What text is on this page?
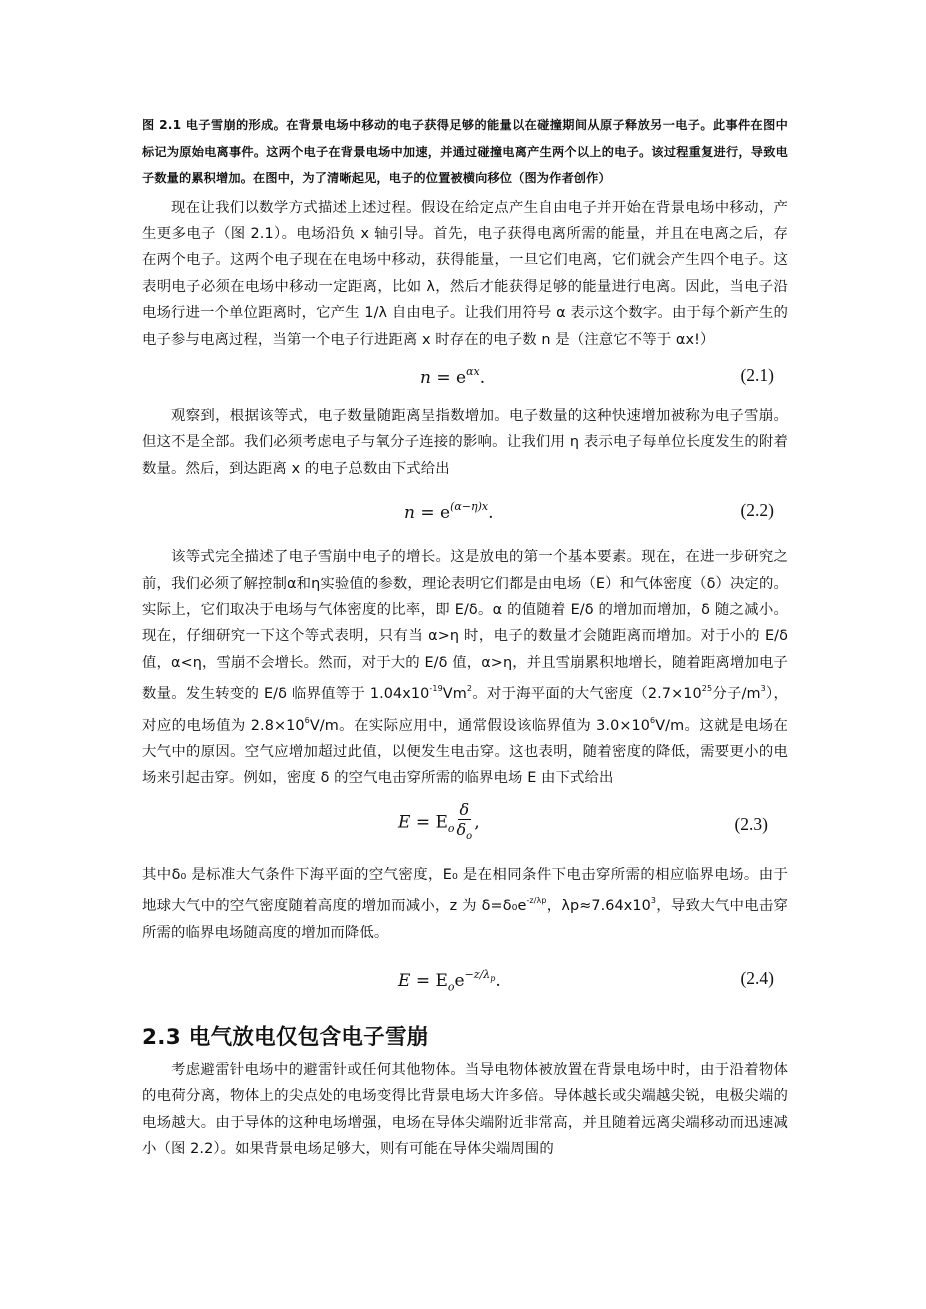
图 2.1 电子雪崩的形成。在背景电场中移动的电子获得足够的能量以在碰撞期间从原子释放另一电子。此事件在图中标记为原始电离事件。这两个电子在背景电场中加速，并通过碰撞电离产生两个以上的电子。该过程重复进行，导致电子数量的累积增加。在图中，为了清晰起见，电子的位置被横向移位（图为作者创作）

现在让我们以数学方式描述上述过程。假设在给定点产生自由电子并开始在背景电场中移动，产生更多电子（图 2.1）。电场沿负 x 轴引导。首先，电子获得电离所需的能量，并且在电离之后，存在两个电子。这两个电子现在在电场中移动，获得能量，一旦它们电离，它们就会产生四个电子。这表明电子必须在电场中移动一定距离，比如 λ，然后才能获得足够的能量进行电离。因此，当电子沿电场行进一个单位距离时，它产生 1/λ 自由电子。让我们用符号 α 表示这个数字。由于每个新产生的电子参与电离过程，当第一个电子行进距离 x 时存在的电子数 n 是（注意它不等于 αx!）

$n = e^{\alpha x}$.	(2.1)

观察到，根据该等式，电子数量随距离呈指数增加。电子数量的这种快速增加被称为电子雪崩。但这不是全部。我们必须考虑电子与氧分子连接的影响。让我们用 η 表示电子每单位长度发生的附着数量。然后，到达距离 x 的电子总数由下式给出

$n = e^{(\alpha-\eta)x}$.	(2.2)

该等式完全描述了电子雪崩中电子的增长。这是放电的第一个基本要素。现在，在进一步研究之前，我们必须了解控制α和η实验值的参数，理论表明它们都是由电场（E）和气体密度（δ）决定的。实际上，它们取决于电场与气体密度的比率，即 E/δ。α 的值随着 E/δ 的增加而增加，δ 随之减小。现在，仔细研究一下这个等式表明，只有当 α>η 时，电子的数量才会随距离而增加。对于小的 E/δ 值，α<η，雪崩不会增长。然而，对于大的 E/δ 值，α>η，并且雪崩累积地增长，随着距离增加电子数量。发生转变的 E/δ 临界值等于 $1.04x10^{-19}Vm^2$。对于海平面的大气密度（$2.7\times 10^{25}$分子$/m^3$），对应的电场值为 $2.8\times 10^6V/m$。在实际应用中，通常假设该临界值为 $3.0\times 10^6V/m$。这就是电场在大气中的原因。空气应增加超过此值，以便发生电击穿。这也表明，随着密度的降低，需要更小的电场来引起击穿。例如，密度 δ 的空气电击穿所需的临界电场 E 由下式给出

$E = E_o \frac{\delta}{\delta_o}$ ,	(2.3)

其中δ₀ 是标准大气条件下海平面的空气密度，E₀ 是在相同条件下电击穿所需的相应临界电场。由于地球大气中的空气密度随着高度的增加而减小，z 为 $\delta=\delta_0e^{-z/\lambda p}$，$\lambda p\approx 7.64x10^3$，导致大气中电击穿所需的临界电场随高度的增加而降低。

$E = E_oe^{-z/\lambda_p}$.	(2.4)
2.3 电气放电仅包含电子雪崩

考虑避雷针电场中的避雷针或任何其他物体。当导电物体被放置在背景电场中时，由于沿着物体的电荷分离，物体上的尖点处的电场变得比背景电场大许多倍。导体越长或尖端越尖锐，电极尖端的电场越大。由于导体的这种电场增强，电场在导体尖端附近非常高，并且随着远离尖端移动而迅速减小（图 2.2）。如果背景电场足够大，则有可能在导体尖端周围的
